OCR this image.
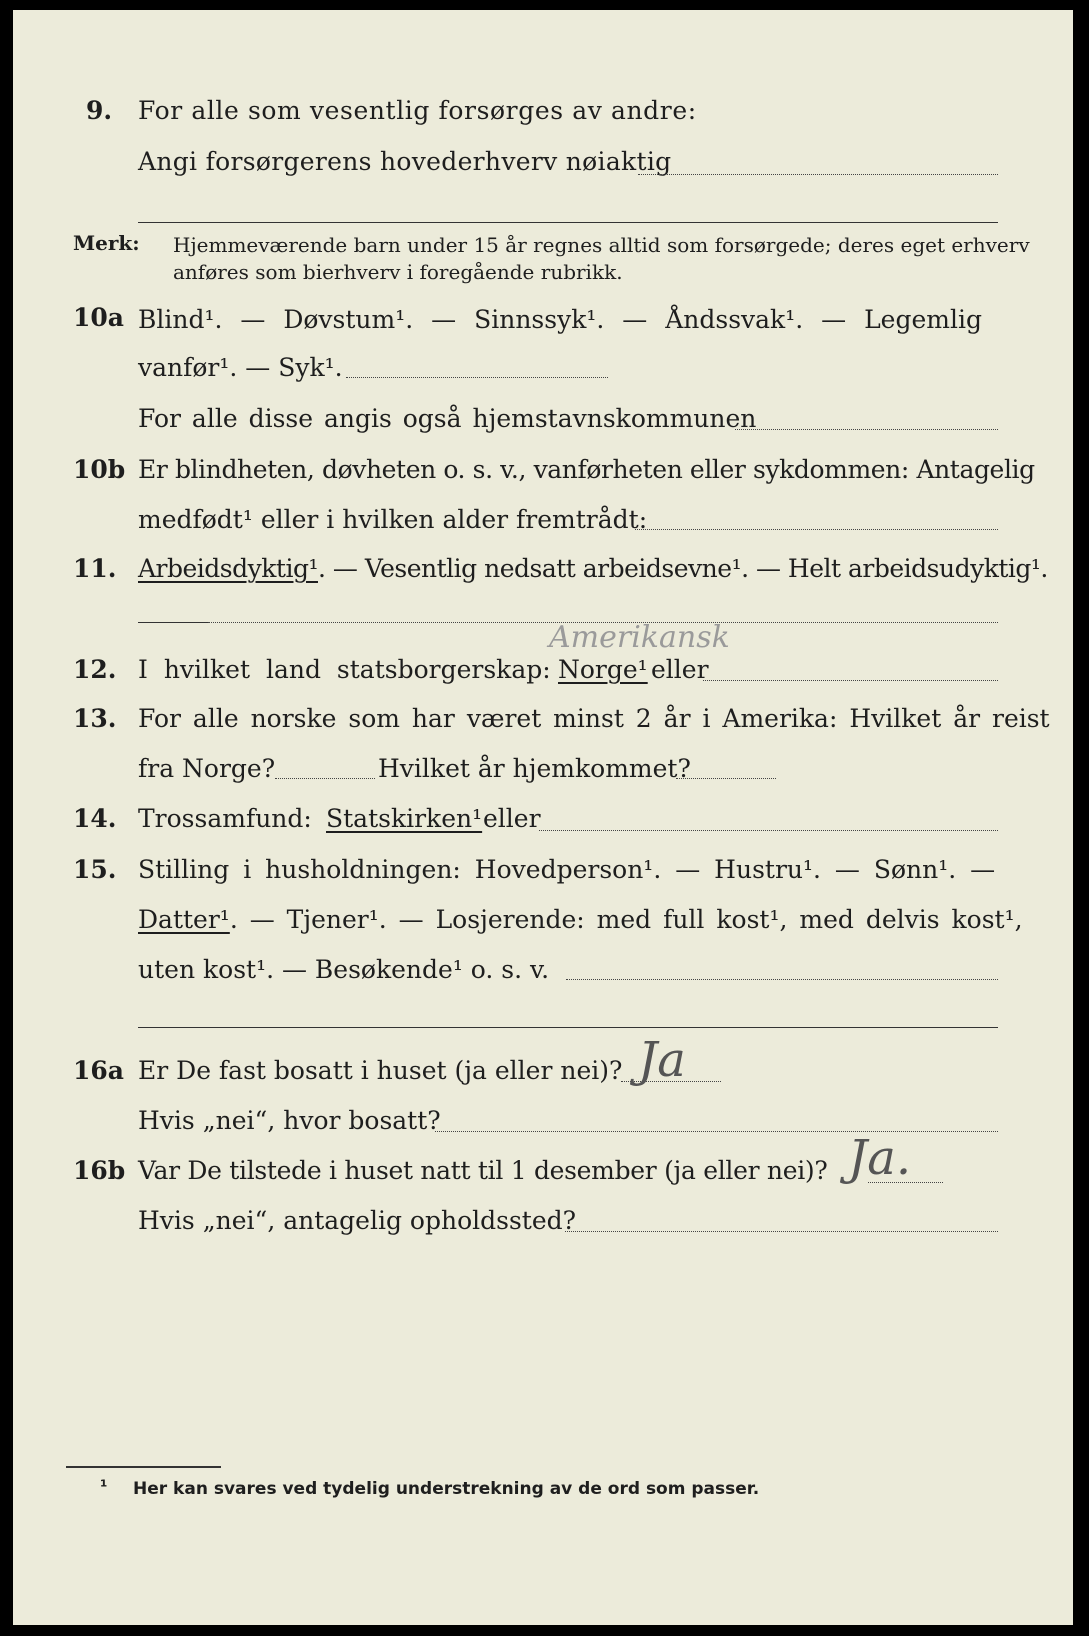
9. For alle som vesentlig forsørges av andre:
Angi forsørgerens hovederhverv nøiaktig
Merk: Hjemmeværende barn under 15 år regnes alltid som forsørgede; deres eget erhverv
anføres som bierhverv i foregående rubrikk.
10a Blind¹. — Døvstum¹. — Sinnssyk¹. — Åndssvak¹. — Legemlig
vanfør¹. — Syk¹.
For alle disse angis også hjemstavnskommunen
10b Er blindheten, døvheten o. s. v., vanførheten eller sykdommen: Antagelig
medfødt¹ eller i hvilken alder fremtrådt:
11. Arbeidsdyktig¹. — Vesentlig nedsatt arbeidsevne¹. — Helt arbeidsudyktig¹.
12. I hvilket land statsborgerskap: Norge¹ eller
Amerikansk
13. For alle norske som har været minst 2 år i Amerika: Hvilket år reist
fra Norge?	Hvilket år hjemkommet?
14. Trossamfund: Statskirken¹ eller
15. Stilling i husholdningen: Hovedperson¹. — Hustru¹. — Sønn¹. —
Datter¹. — Tjener¹. — Losjerende: med full kost¹, med delvis kost¹,
uten kost¹. — Besøkende¹ o. s. v.
16a Er De fast bosatt i huset (ja eller nei)? Ja
Hvis „nei“, hvor bosatt?
16b Var De tilstede i huset natt til 1 desember (ja eller nei)? Ja.
Hvis „nei“, antagelig opholdssted?
¹ Her kan svares ved tydelig understrekning av de ord som passer.
